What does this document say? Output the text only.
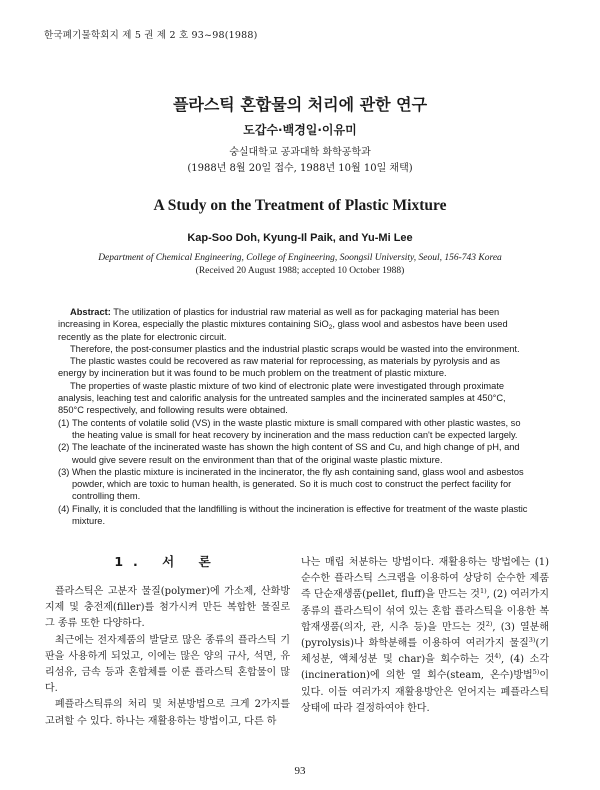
한국폐기물학회지 제 5 권 제 2 호 93~98(1988)
플라스틱 혼합물의 처리에 관한 연구
도갑수·백경일·이유미
숭실대학교 공과대학 화학공학과
(1988년 8월 20일 접수, 1988년 10월 10일 채택)
A Study on the Treatment of Plastic Mixture
Kap-Soo Doh, Kyung-Il Paik, and Yu-Mi Lee
Department of Chemical Engineering, College of Engineering, Soongsil University, Seoul, 156-743 Korea
(Received 20 August 1988; accepted 10 October 1988)

Abstract: The utilization of plastics for industrial raw material as well as for packaging material has been increasing in Korea, especially the plastic mixtures containing SiO$_2$, glass wool and asbestos have been used recently as the plate for electronic circuit.

Therefore, the post-consumer plastics and the industrial plastic scraps would be wasted into the environment.

The plastic wastes could be recovered as raw material for reprocessing, as materials by pyrolysis and as energy by incineration but it was found to be much problem on the treatment of plastic mixture.

The properties of waste plastic mixture of two kind of electronic plate were investigated through proximate analysis, leaching test and calorific analysis for the untreated samples and the incinerated samples at 450°C, 850°C respectively, and following results were obtained.

(1) The contents of volatile solid (VS) in the waste plastic mixture is small compared with other plastic wastes, so the heating value is small for heat recovery by incineration and the mass reduction can't be expected largely.
(2) The leachate of the incinerated waste has shown the high content of SS and Cu, and high change of pH, and would give severe result on the environment than that of the original waste plastic mixture.
(3) When the plastic mixture is incinerated in the incinerator, the fly ash containing sand, glass wool and asbestos powder, which are toxic to human health, is generated. So it is much cost to construct the perfect facility for controlling them.
(4) Finally, it is concluded that the landfilling is without the incineration is effective for treatment of the waste plastic mixture.
1. 서 론

플라스틱은 고분자 물질(polymer)에 가소제, 산화방지제 및 충전제(filler)를 첨가시켜 만든 복합한 물질로 그 종류 또한 다양하다.

최근에는 전자제품의 발달로 많은 종류의 플라스틱 기판을 사용하게 되었고, 이에는 많은 양의 규사, 석면, 유리섬유, 금속 등과 혼합체를 이룬 플라스틱 혼합물이 많다.

폐플라스틱류의 처리 및 처분방법으로 크게 2가지를 고려할 수 있다. 하나는 재활용하는 방법이고, 다른 하

나는 매립 처분하는 방법이다. 재활용하는 방법에는 (1) 순수한 플라스틱 스크랩을 이용하여 상당히 순수한 제품 즉 단순재생품(pellet, fluff)을 만드는 것$^{1)}$, (2) 여러가지 종류의 플라스틱이 섞여 있는 혼합 플라스틱을 이용한 복합재생품(의자, 관, 시추 등)을 만드는 것$^{2)}$, (3) 열분해(pyrolysis)나 화학분해를 이용하여 여러가지 물질$^{3)}$(기체성분, 액체성분 및 char)을 회수하는 것$^{4)}$, (4) 소각(incineration)에 의한 열 회수(steam, 온수)방법$^{5)}$이 있다. 이들 여러가지 재활용방안은 얻어지는 폐플라스틱 상태에 따라 결정하여야 한다.

93
